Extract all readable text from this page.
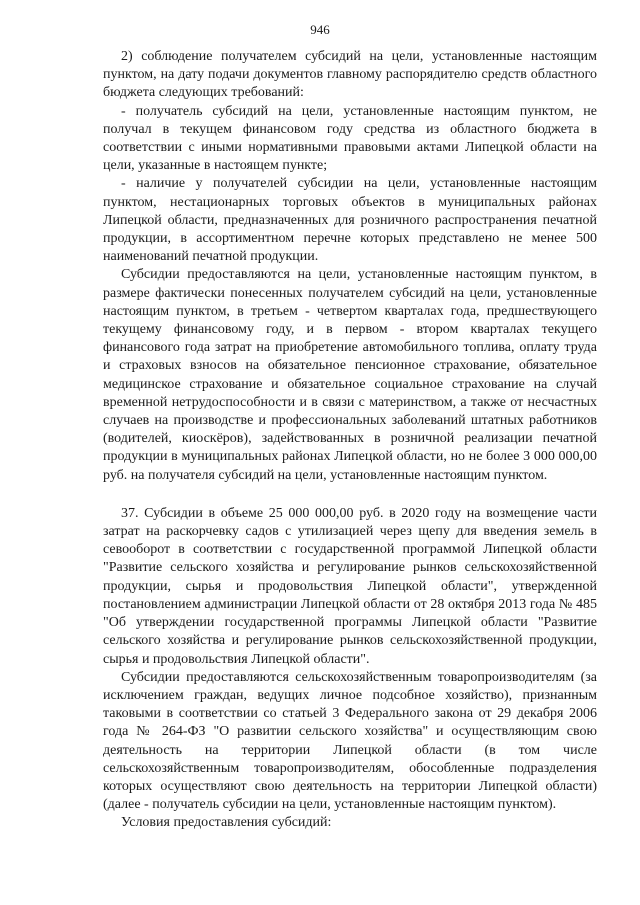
946

2) соблюдение получателем субсидий на цели, установленные настоящим пунктом, на дату подачи документов главному распорядителю средств областного бюджета следующих требований:

- получатель субсидий на цели, установленные настоящим пунктом, не получал в текущем финансовом году средства из областного бюджета в соответствии с иными нормативными правовыми актами Липецкой области на цели, указанные в настоящем пункте;

- наличие у получателей субсидии на цели, установленные настоящим пунктом, нестационарных торговых объектов в муниципальных районах Липецкой области, предназначенных для розничного распространения печатной продукции, в ассортиментном перечне которых представлено не менее 500 наименований печатной продукции.

Субсидии предоставляются на цели, установленные настоящим пунктом, в размере фактически понесенных получателем субсидий на цели, установленные настоящим пунктом, в третьем - четвертом кварталах года, предшествующего текущему финансовому году, и в первом - втором кварталах текущего финансового года затрат на приобретение автомобильного топлива, оплату труда и страховых взносов на обязательное пенсионное страхование, обязательное медицинское страхование и обязательное социальное страхование на случай временной нетрудоспособности и в связи с материнством, а также от несчастных случаев на производстве и профессиональных заболеваний штатных работников (водителей, киоскёров), задействованных в розничной реализации печатной продукции в муниципальных районах Липецкой области, но не более 3 000 000,00 руб. на получателя субсидий на цели, установленные настоящим пунктом.

37. Субсидии в объеме 25 000 000,00 руб. в 2020 году на возмещение части затрат на раскорчевку садов с утилизацией через щепу для введения земель в севооборот в соответствии с государственной программой Липецкой области "Развитие сельского хозяйства и регулирование рынков сельскохозяйственной продукции, сырья и продовольствия Липецкой области", утвержденной постановлением администрации Липецкой области от 28 октября 2013 года № 485 "Об утверждении государственной программы Липецкой области "Развитие сельского хозяйства и регулирование рынков сельскохозяйственной продукции, сырья и продовольствия Липецкой области".

Субсидии предоставляются сельскохозяйственным товаропроизводителям (за исключением граждан, ведущих личное подсобное хозяйство), признанным таковыми в соответствии со статьей 3 Федерального закона от 29 декабря 2006 года № 264-ФЗ "О развитии сельского хозяйства" и осуществляющим свою деятельность на территории Липецкой области (в том числе сельскохозяйственным товаропроизводителям, обособленные подразделения которых осуществляют свою деятельность на территории Липецкой области) (далее - получатель субсидии на цели, установленные настоящим пунктом).

Условия предоставления субсидий:
